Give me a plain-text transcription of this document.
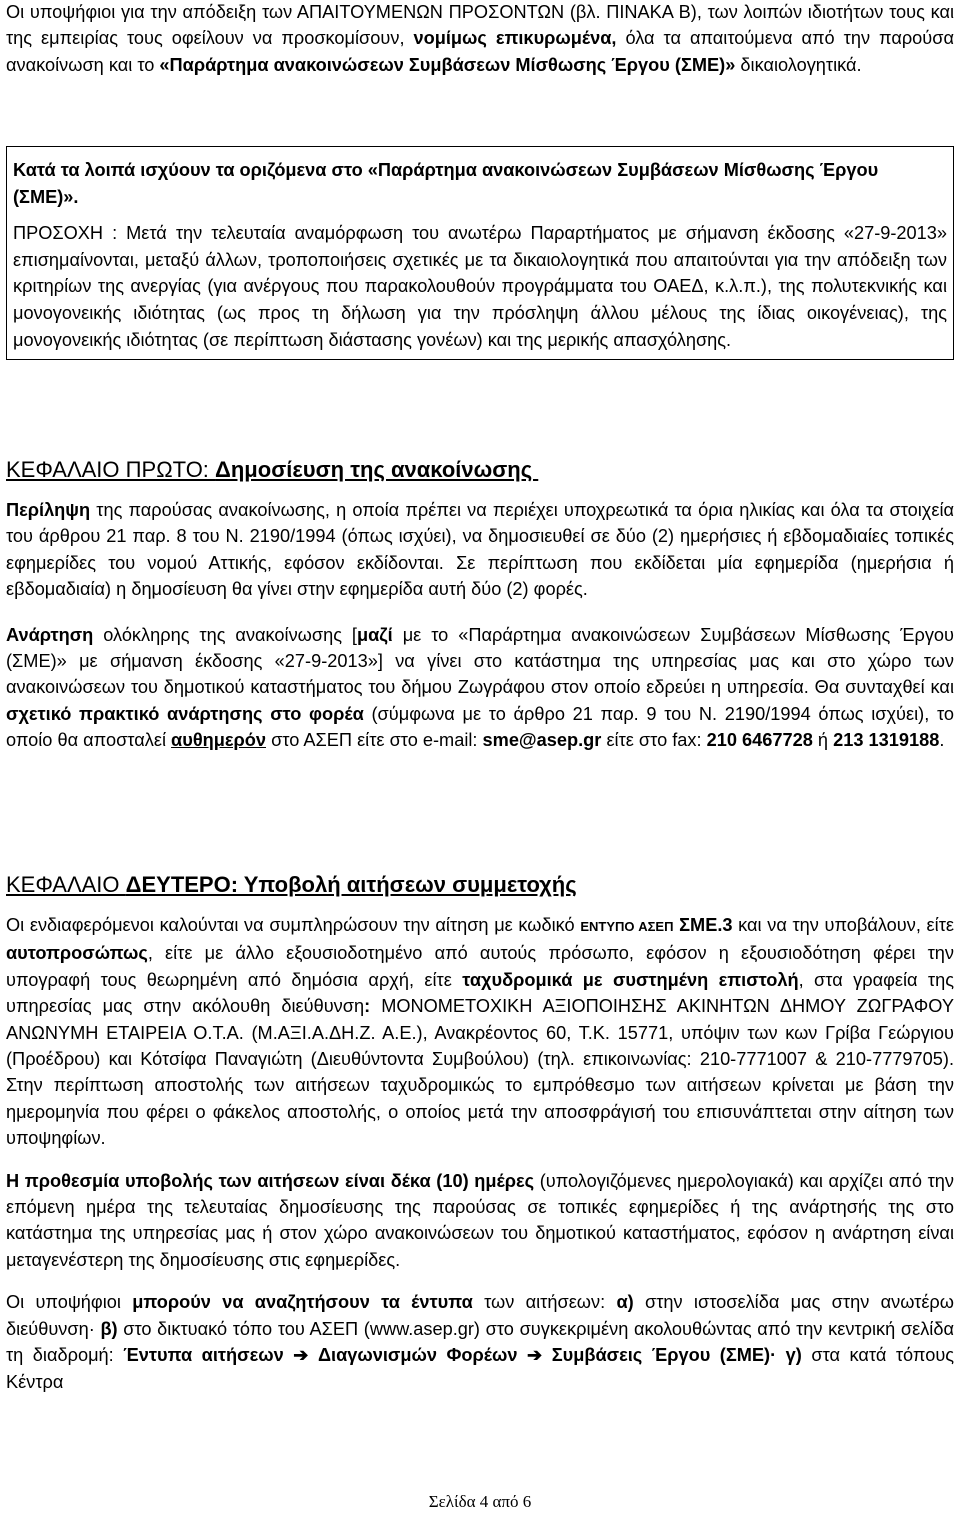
Οι υποψήφιοι για την απόδειξη των ΑΠΑΙΤΟΥΜΕΝΩΝ ΠΡΟΣΟΝΤΩΝ (βλ. ΠΙΝΑΚΑ Β), των λοιπών ιδιοτήτων τους και της εμπειρίας τους οφείλουν να προσκομίσουν, νομίμως επικυρωμένα, όλα τα απαιτούμενα από την παρούσα ανακοίνωση και το «Παράρτημα ανακοινώσεων Συμβάσεων Μίσθωσης Έργου (ΣΜΕ)» δικαιολογητικά.

Κατά τα λοιπά ισχύουν τα οριζόμενα στο «Παράρτημα ανακοινώσεων Συμβάσεων Μίσθωσης Έργου (ΣΜΕ)».

ΠΡΟΣΟΧΗ : Μετά την τελευταία αναμόρφωση του ανωτέρω Παραρτήματος με σήμανση έκδοσης «27-9-2013» επισημαίνονται, μεταξύ άλλων, τροποποιήσεις σχετικές με τα δικαιολογητικά που απαιτούνται για την απόδειξη των κριτηρίων της ανεργίας (για ανέργους που παρακολουθούν προγράμματα του ΟΑΕΔ, κ.λ.π.), της πολυτεκνικής και μονογονεικής ιδιότητας (ως προς τη δήλωση για την πρόσληψη άλλου μέλους της ίδιας οικογένειας), της μονογονεικής ιδιότητας (σε περίπτωση διάστασης γονέων) και της μερικής απασχόλησης.

ΚΕΦΑΛΑΙΟ ΠΡΩΤΟ: Δημοσίευση της ανακοίνωσης

Περίληψη της παρούσας ανακοίνωσης, η οποία πρέπει να περιέχει υποχρεωτικά τα όρια ηλικίας και όλα τα στοιχεία του άρθρου 21 παρ. 8 του Ν. 2190/1994 (όπως ισχύει), να δημοσιευθεί σε δύο (2) ημερήσιες ή εβδομαδιαίες τοπικές εφημερίδες του νομού Αττικής, εφόσον εκδίδονται. Σε περίπτωση που εκδίδεται μία εφημερίδα (ημερήσια ή εβδομαδιαία) η δημοσίευση θα γίνει στην εφημερίδα αυτή δύο (2) φορές.

Ανάρτηση ολόκληρης της ανακοίνωσης [μαζί με το «Παράρτημα ανακοινώσεων Συμβάσεων Μίσθωσης Έργου (ΣΜΕ)» με σήμανση έκδοσης «27-9-2013»] να γίνει στο κατάστημα της υπηρεσίας μας και στο χώρο των ανακοινώσεων του δημοτικού καταστήματος του δήμου Ζωγράφου στον οποίο εδρεύει η υπηρεσία. Θα συνταχθεί και σχετικό πρακτικό ανάρτησης στο φορέα (σύμφωνα με το άρθρο 21 παρ. 9 του Ν. 2190/1994 όπως ισχύει), το οποίο θα αποσταλεί αυθημερόν στο ΑΣΕΠ είτε στο e-mail: sme@asep.gr είτε στο fax: 210 6467728 ή 213 1319188.

ΚΕΦΑΛΑΙΟ ΔΕΥΤΕΡΟ: Υποβολή αιτήσεων συμμετοχής

Οι ενδιαφερόμενοι καλούνται να συμπληρώσουν την αίτηση με κωδικό ΕΝΤΥΠΟ ΑΣΕΠ ΣΜΕ.3 και να την υποβάλουν, είτε αυτοπροσώπως, είτε με άλλο εξουσιοδοτημένο από αυτούς πρόσωπο, εφόσον η εξουσιοδότηση φέρει την υπογραφή τους θεωρημένη από δημόσια αρχή, είτε ταχυδρομικά με συστημένη επιστολή, στα γραφεία της υπηρεσίας μας στην ακόλουθη διεύθυνση: ΜΟΝΟΜΕΤΟΧΙΚΗ ΑΞΙΟΠΟΙΗΣΗΣ ΑΚΙΝΗΤΩΝ ΔΗΜΟΥ ΖΩΓΡΑΦΟΥ ΑΝΩΝΥΜΗ ΕΤΑΙΡΕΙΑ Ο.Τ.Α. (Μ.ΑΞΙ.Α.ΔΗ.Ζ. Α.Ε.), Ανακρέοντος 60, Τ.Κ. 15771, υπόψιν των κων Γρίβα Γεώργιου (Προέδρου) και Κότσίφα Παναγιώτη (Διευθύντοντα Συμβούλου) (τηλ. επικοινωνίας: 210-7771007 & 210-7779705). Στην περίπτωση αποστολής των αιτήσεων ταχυδρομικώς το εμπρόθεσμο των αιτήσεων κρίνεται με βάση την ημερομηνία που φέρει ο φάκελος αποστολής, ο οποίος μετά την αποσφράγισή του επισυνάπτεται στην αίτηση των υποψηφίων.

Η προθεσμία υποβολής των αιτήσεων είναι δέκα (10) ημέρες (υπολογιζόμενες ημερολογιακά) και αρχίζει από την επόμενη ημέρα της τελευταίας δημοσίευσης της παρούσας σε τοπικές εφημερίδες ή της ανάρτησής της στο κατάστημα της υπηρεσίας μας ή στον χώρο ανακοινώσεων του δημοτικού καταστήματος, εφόσον η ανάρτηση είναι μεταγενέστερη της δημοσίευσης στις εφημερίδες.

Οι υποψήφιοι μπορούν να αναζητήσουν τα έντυπα των αιτήσεων: α) στην ιστοσελίδα μας στην ανωτέρω διεύθυνση· β) στο δικτυακό τόπο του ΑΣΕΠ (www.asep.gr) στο συγκεκριμένη ακολουθώντας από την κεντρική σελίδα τη διαδρομή: Έντυπα αιτήσεων ➔ Διαγωνισμών Φορέων ➔ Συμβάσεις Έργου (ΣΜΕ)· γ) στα κατά τόπους Κέντρα

Σελίδα 4 από 6
